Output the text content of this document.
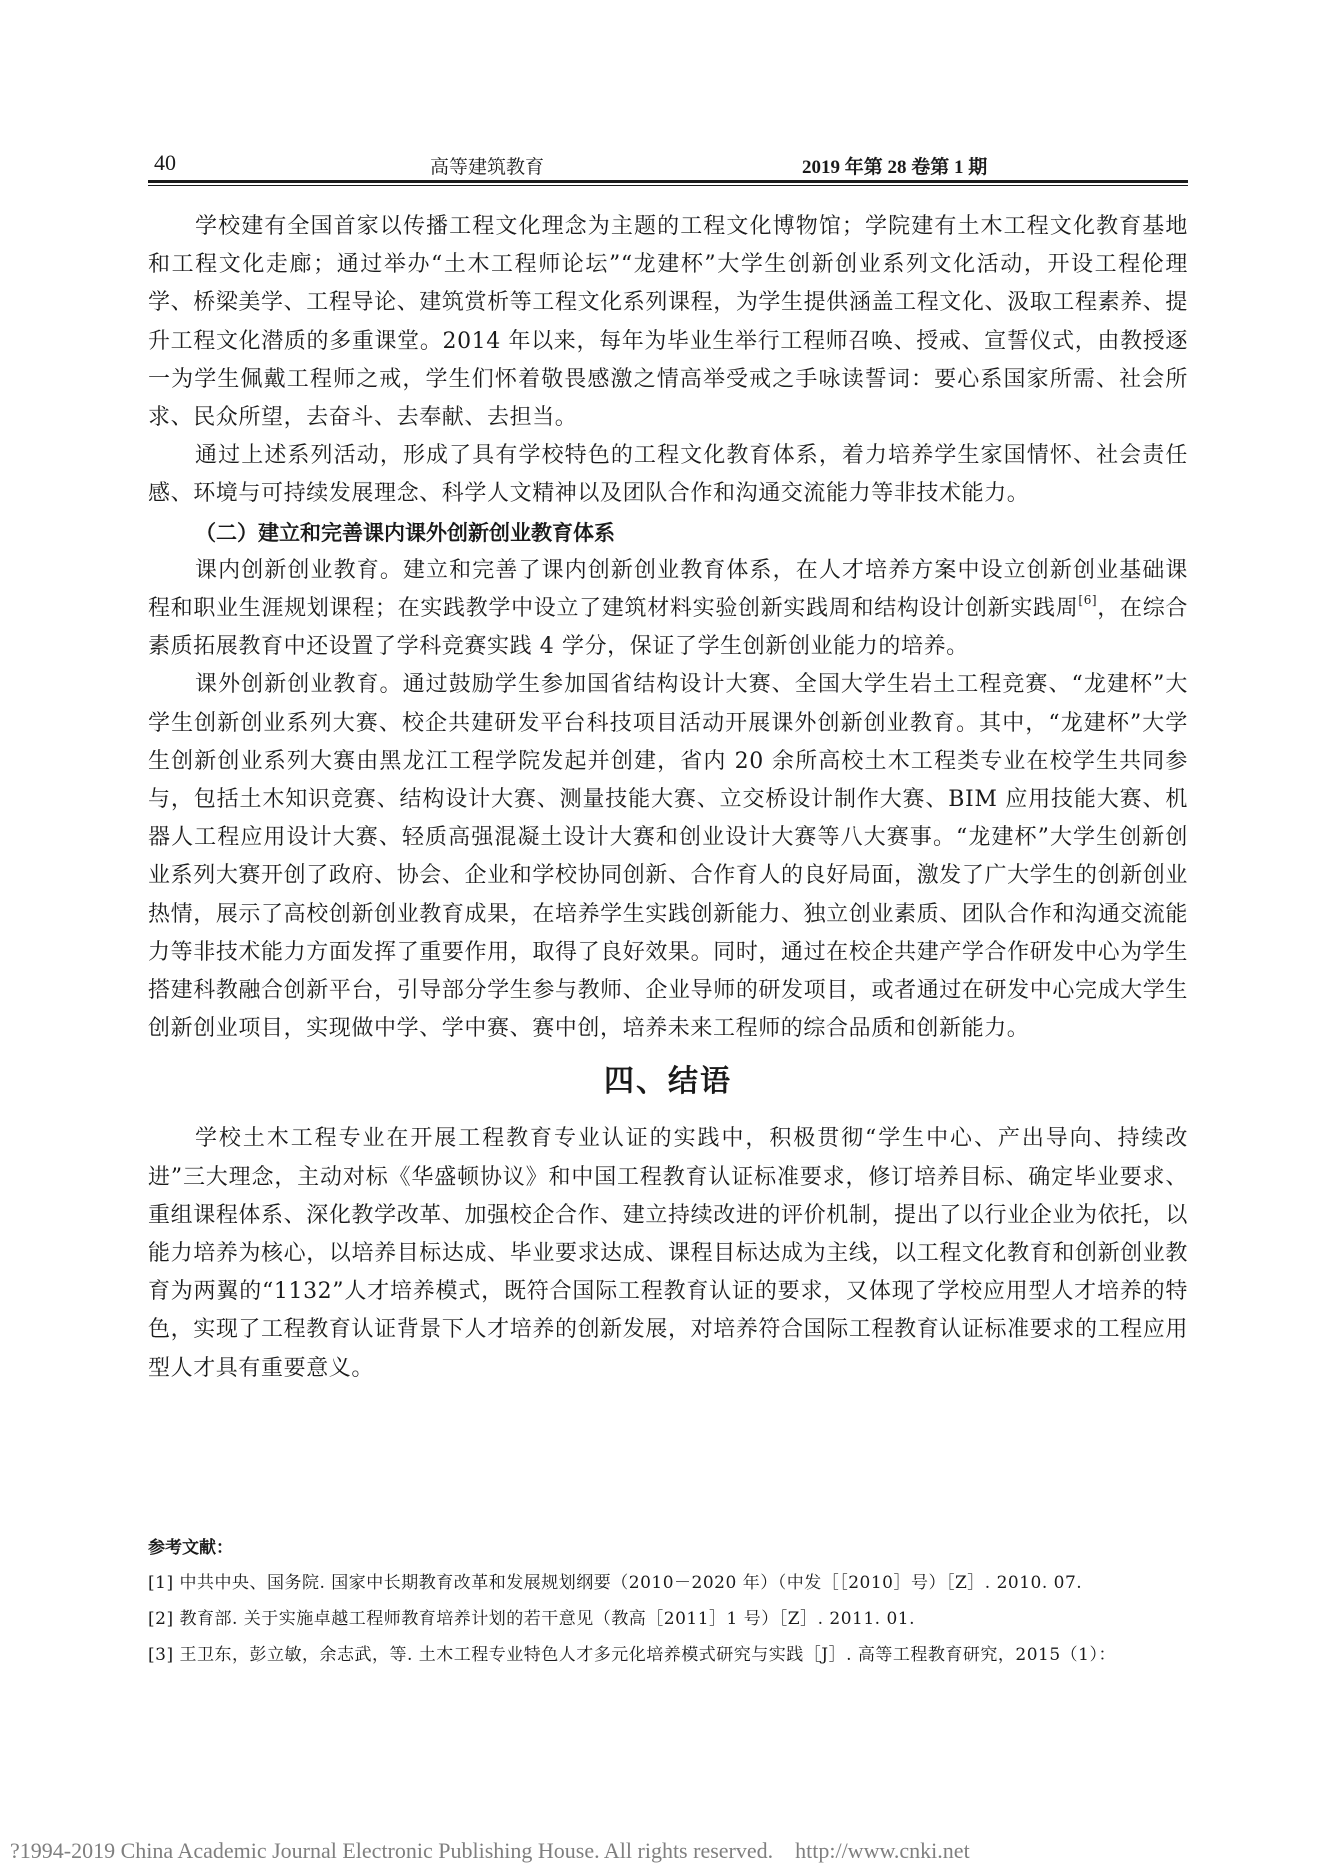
40	高等建筑教育	2019 年第 28 卷第 1 期

学校建有全国首家以传播工程文化理念为主题的工程文化博物馆；学院建有土木工程文化教育基地和工程文化走廊；通过举办“土木工程师论坛”“龙建杯”大学生创新创业系列文化活动，开设工程伦理学、桥梁美学、工程导论、建筑赏析等工程文化系列课程，为学生提供涵盖工程文化、汲取工程素养、提升工程文化潜质的多重课堂。2014 年以来，每年为毕业生举行工程师召唤、授戒、宣誓仪式，由教授逐一为学生佩戴工程师之戒，学生们怀着敬畏感激之情高举受戒之手咏读誓词：要心系国家所需、社会所求、民众所望，去奋斗、去奉献、去担当。

通过上述系列活动，形成了具有学校特色的工程文化教育体系，着力培养学生家国情怀、社会责任感、环境与可持续发展理念、科学人文精神以及团队合作和沟通交流能力等非技术能力。

（二）建立和完善课内课外创新创业教育体系

课内创新创业教育。建立和完善了课内创新创业教育体系，在人才培养方案中设立创新创业基础课程和职业生涯规划课程；在实践教学中设立了建筑材料实验创新实践周和结构设计创新实践周[6]，在综合素质拓展教育中还设置了学科竞赛实践 4 学分，保证了学生创新创业能力的培养。

课外创新创业教育。通过鼓励学生参加国省结构设计大赛、全国大学生岩土工程竞赛、“龙建杯”大学生创新创业系列大赛、校企共建研发平台科技项目活动开展课外创新创业教育。其中，“龙建杯”大学生创新创业系列大赛由黑龙江工程学院发起并创建，省内 20 余所高校土木工程类专业在校学生共同参与，包括土木知识竞赛、结构设计大赛、测量技能大赛、立交桥设计制作大赛、BIM 应用技能大赛、机器人工程应用设计大赛、轻质高强混凝土设计大赛和创业设计大赛等八大赛事。“龙建杯”大学生创新创业系列大赛开创了政府、协会、企业和学校协同创新、合作育人的良好局面，激发了广大学生的创新创业热情，展示了高校创新创业教育成果，在培养学生实践创新能力、独立创业素质、团队合作和沟通交流能力等非技术能力方面发挥了重要作用，取得了良好效果。同时，通过在校企共建产学合作研发中心为学生搭建科教融合创新平台，引导部分学生参与教师、企业导师的研发项目，或者通过在研发中心完成大学生创新创业项目，实现做中学、学中赛、赛中创，培养未来工程师的综合品质和创新能力。

四、结语

学校土木工程专业在开展工程教育专业认证的实践中，积极贯彻“学生中心、产出导向、持续改进”三大理念，主动对标《华盛顿协议》和中国工程教育认证标准要求，修订培养目标、确定毕业要求、重组课程体系、深化教学改革、加强校企合作、建立持续改进的评价机制，提出了以行业企业为依托，以能力培养为核心，以培养目标达成、毕业要求达成、课程目标达成为主线，以工程文化教育和创新创业教育为两翼的“1132”人才培养模式，既符合国际工程教育认证的要求，又体现了学校应用型人才培养的特色，实现了工程教育认证背景下人才培养的创新发展，对培养符合国际工程教育认证标准要求的工程应用型人才具有重要意义。

参考文献：

[1] 中共中央、国务院. 国家中长期教育改革和发展规划纲要（2010－2020 年）（中发［［2010］号）［Z］. 2010. 07.

[2] 教育部. 关于实施卓越工程师教育培养计划的若干意见（教高［2011］1 号）［Z］. 2011. 01.

[3] 王卫东，彭立敏，余志武，等. 土木工程专业特色人才多元化培养模式研究与实践［J］. 高等工程教育研究，2015（1）：

?1994-2019 China Academic Journal Electronic Publishing House. All rights reserved. http://www.cnki.net
